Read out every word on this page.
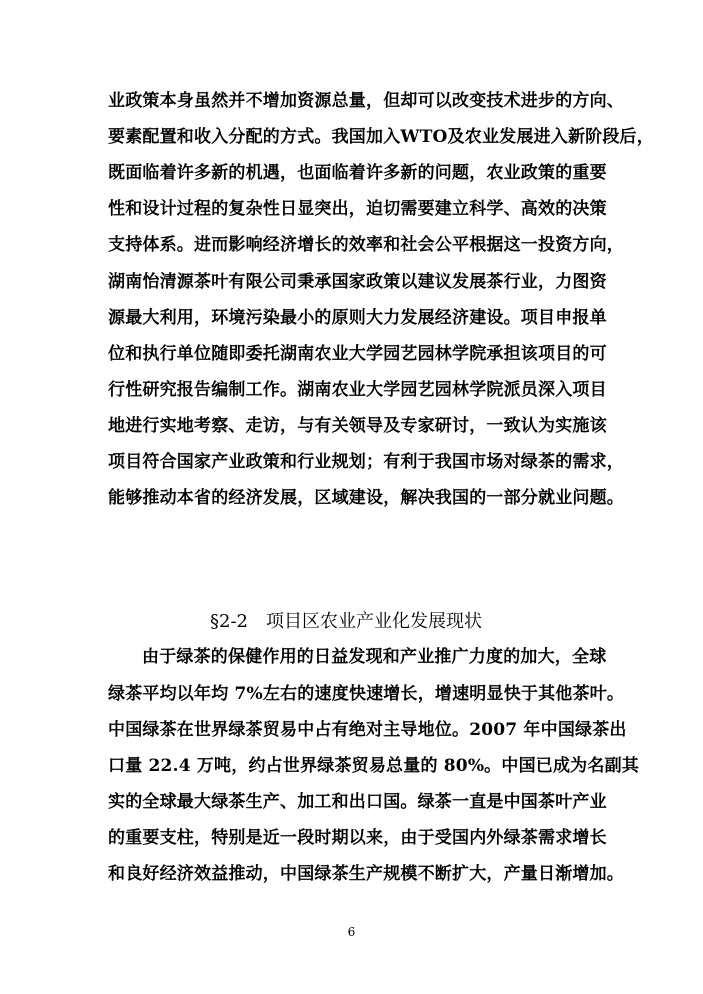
业政策本身虽然并不增加资源总量，但却可以改变技术进步的方向、

要素配置和收入分配的方式。我国加入WTO及农业发展进入新阶段后，

既面临着许多新的机遇，也面临着许多新的问题，农业政策的重要

性和设计过程的复杂性日显突出，迫切需要建立科学、高效的决策

支持体系。进而影响经济增长的效率和社会公平根据这一投资方向，

湖南怡清源茶叶有限公司秉承国家政策以建议发展茶行业，力图资

源最大利用，环境污染最小的原则大力发展经济建设。项目申报单

位和执行单位随即委托湖南农业大学园艺园林学院承担该项目的可

行性研究报告编制工作。湖南农业大学园艺园林学院派员深入项目

地进行实地考察、走访，与有关领导及专家研讨，一致认为实施该

项目符合国家产业政策和行业规划；有利于我国市场对绿茶的需求，

能够推动本省的经济发展，区域建设，解决我国的一部分就业问题。

§2-2 项目区农业产业化发展现状

由于绿茶的保健作用的日益发现和产业推广力度的加大，全球

绿茶平均以年均 7%左右的速度快速增长，增速明显快于其他茶叶。

中国绿茶在世界绿茶贸易中占有绝对主导地位。2007 年中国绿茶出

口量 22.4 万吨，约占世界绿茶贸易总量的 80%。中国已成为名副其

实的全球最大绿茶生产、加工和出口国。绿茶一直是中国茶叶产业

的重要支柱，特别是近一段时期以来，由于受国内外绿茶需求增长

和良好经济效益推动，中国绿茶生产规模不断扩大，产量日渐增加。

6
